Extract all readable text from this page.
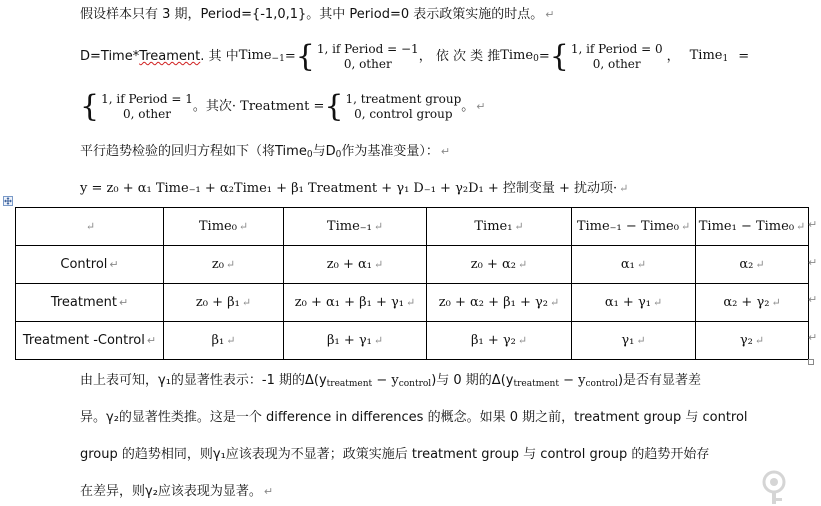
假设样本只有 3 期，Period={-1,0,1}。其中 Period=0 表示政策实施的时点。 ↵
D=Time* Treament . 其 中 Time$_{-1}$ = { 1, if Period = −1
0, other	， 依 次 类 推 Time$_0$ = { 1, if Period = 0
0, other	， Time$_1$ =
{ 1, if Period = 1
0, other	。其次· Treatment = { 1, treatment group
0, control group 。 ↵
平行趋势检验的回归方程如下（将Time$_0$与$D_0$作为基准变量）： ↵
y = z₀ + α₁ Time₋₁ + α₂Time₁ + β₁ Treatment + γ₁ D₋₁ + γ₂D₁ + 控制变量 + 扰动项· ↵
↵	Time₀ ↵	Time₋₁ ↵	Time₁ ↵	Time₋₁ − Time₀ ↵	Time₁ − Time₀ ↵
Control ↵	z₀ ↵	z₀ + α₁ ↵	z₀ + α₂ ↵	α₁ ↵	α₂ ↵
Treatment ↵	z₀ + β₁ ↵	z₀ + α₁ + β₁ + γ₁ ↵	z₀ + α₂ + β₁ + γ₂ ↵	α₁ + γ₁ ↵	α₂ + γ₂ ↵
Treatment -Control ↵	β₁ ↵	β₁ + γ₁ ↵	β₁ + γ₂ ↵	γ₁ ↵	γ₂ ↵
↵
↵
↵
↵
由上表可知，γ₁的显著性表示：-1 期的$\Delta(y_{treatment} - y_{control})$与 0 期的$\Delta(y_{treatment} - y_{control})$是否有显著差
异。γ₂的显著性类推。这是一个 difference in differences 的概念。如果 0 期之前，treatment group 与 control
group 的趋势相同，则γ₁应该表现为不显著；政策实施后 treatment group 与 control group 的趋势开始存
在差异，则γ₂应该表现为显著。 ↵
